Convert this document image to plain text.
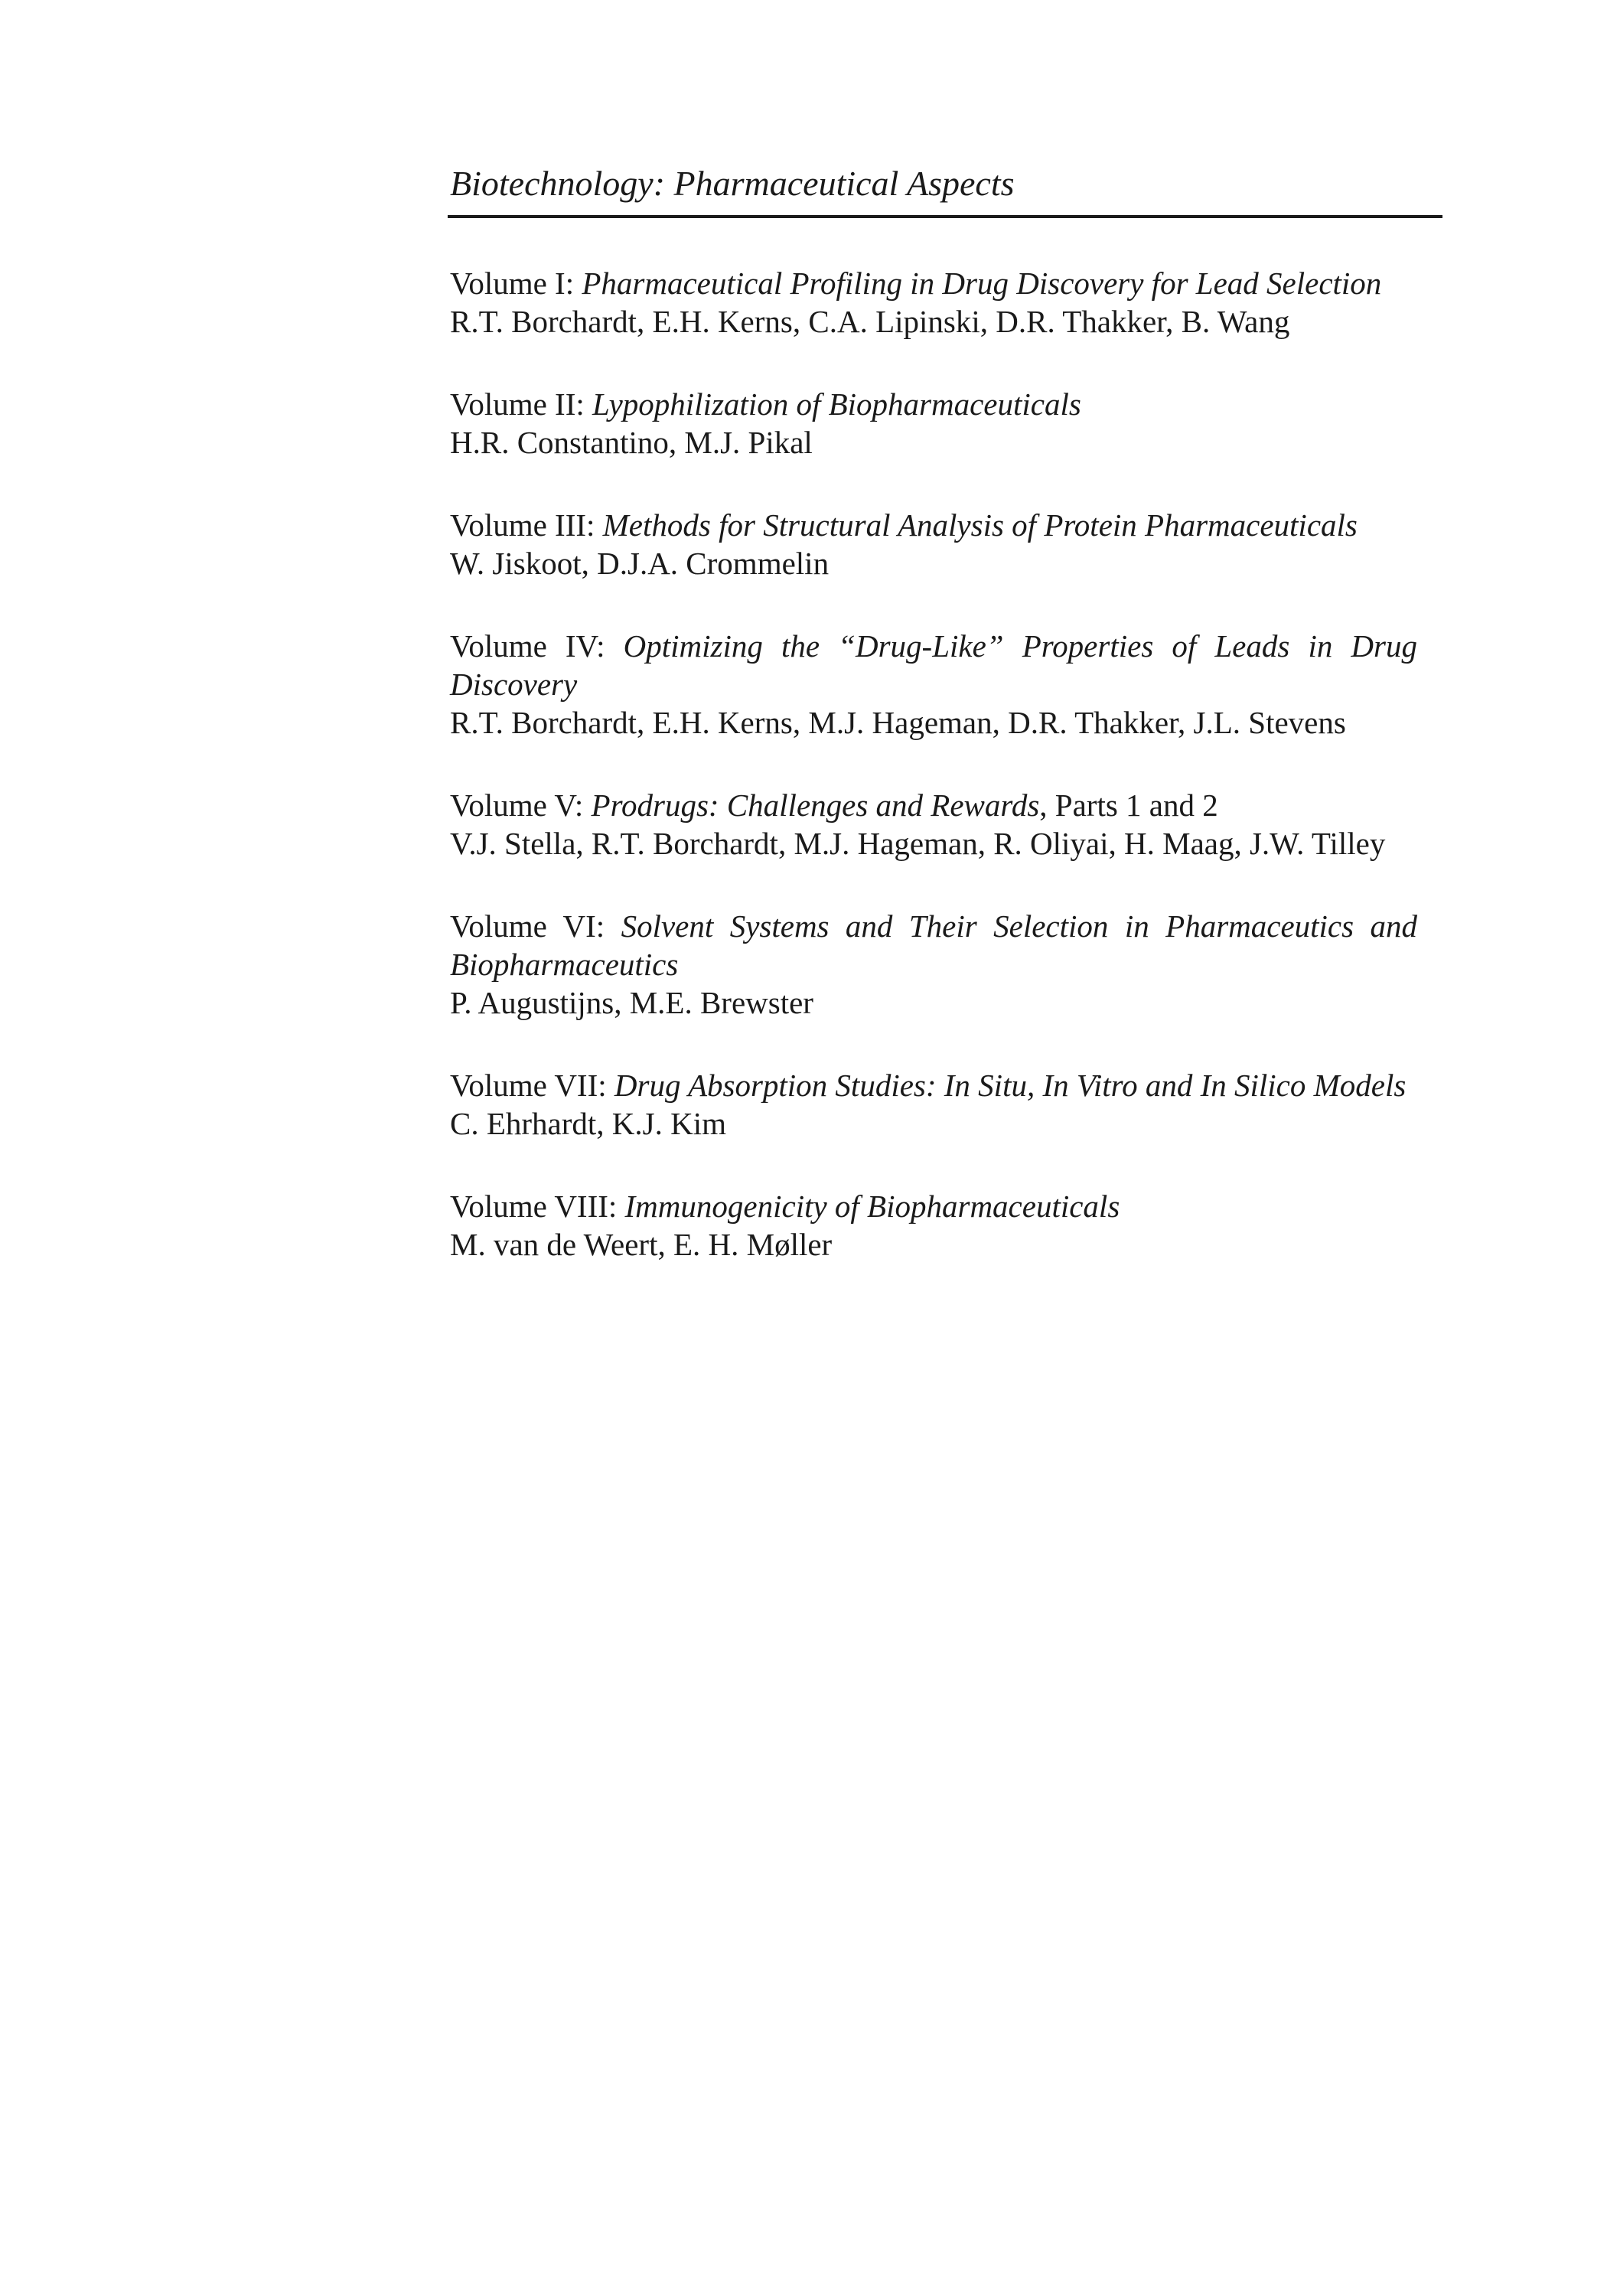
Biotechnology: Pharmaceutical Aspects
Volume I: Pharmaceutical Profiling in Drug Discovery for Lead Selection
R.T. Borchardt, E.H. Kerns, C.A. Lipinski, D.R. Thakker, B. Wang
Volume II: Lypophilization of Biopharmaceuticals
H.R. Constantino, M.J. Pikal
Volume III: Methods for Structural Analysis of Protein Pharmaceuticals
W. Jiskoot, D.J.A. Crommelin
Volume IV: Optimizing the “Drug-Like” Properties of Leads in Drug Discovery
R.T. Borchardt, E.H. Kerns, M.J. Hageman, D.R. Thakker, J.L. Stevens
Volume V: Prodrugs: Challenges and Rewards, Parts 1 and 2
V.J. Stella, R.T. Borchardt, M.J. Hageman, R. Oliyai, H. Maag, J.W. Tilley
Volume VI: Solvent Systems and Their Selection in Pharmaceutics and Biopharmaceutics
P. Augustijns, M.E. Brewster
Volume VII: Drug Absorption Studies: In Situ, In Vitro and In Silico Models
C. Ehrhardt, K.J. Kim
Volume VIII: Immunogenicity of Biopharmaceuticals
M. van de Weert, E. H. Møller
